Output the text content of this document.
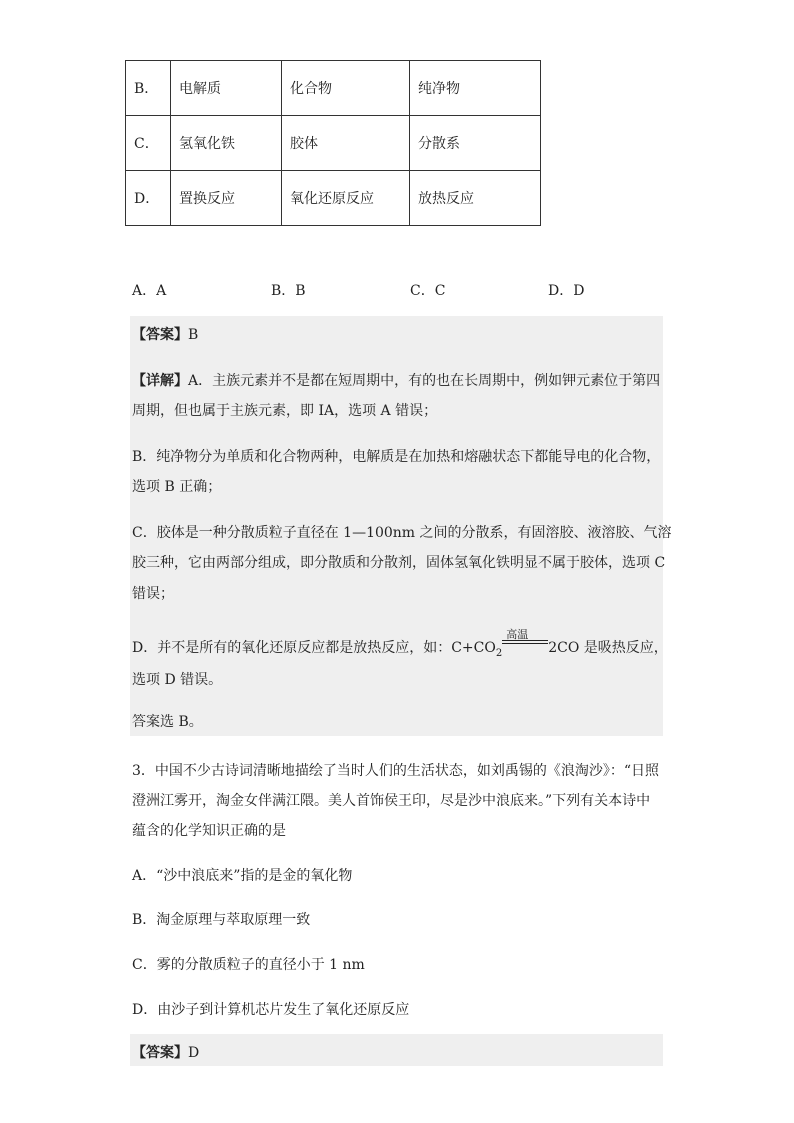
B．	电解质	化合物	纯净物
C．	氢氧化铁	胶体	分散系
D．	置换反应	氧化还原反应	放热反应
A．A	B．B	C．C	D．D
【答案】B
【详解】A．主族元素并不是都在短周期中，有的也在长周期中，例如钾元素位于第四
周期，但也属于主族元素，即 IA，选项 A 错误；
B．纯净物分为单质和化合物两种，电解质是在加热和熔融状态下都能导电的化合物，
选项 B 正确；
C．胶体是一种分散质粒子直径在 1—100nm 之间的分散系，有固溶胶、液溶胶、气溶
胶三种，它由两部分组成，即分散质和分散剂，固体氢氧化铁明显不属于胶体，选项 C
错误；
D．并不是所有的氧化还原反应都是放热反应，如：$C+CO_2$
高温
2CO 是吸热反应，
选项 D 错误。
答案选 B。
3．中国不少古诗词清晰地描绘了当时人们的生活状态，如刘禹锡的《浪淘沙》：“日照
澄洲江雾开，淘金女伴满江隈。美人首饰侯王印，尽是沙中浪底来。”下列有关本诗中
蕴含的化学知识正确的是
A．“沙中浪底来”指的是金的氧化物
B．淘金原理与萃取原理一致
C．雾的分散质粒子的直径小于 1 nm
D．由沙子到计算机芯片发生了氧化还原反应
【答案】D
